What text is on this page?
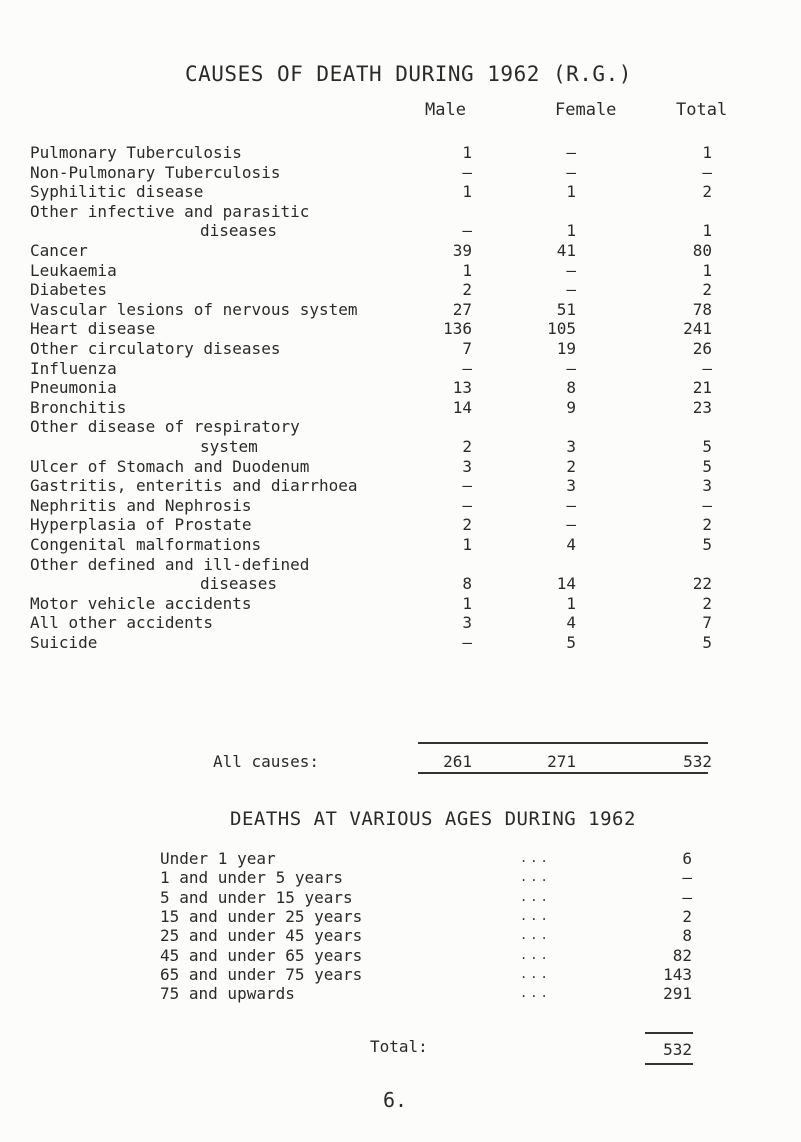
CAUSES OF DEATH DURING 1962 (R.G.)
Male	Female	Total
Pulmonary Tuberculosis	1	–	1
Non-Pulmonary Tuberculosis	–	–	–
Syphilitic disease	1	1	2
Other infective and parasitic
diseases	–	1	1
Cancer	39	41	80
Leukaemia	1	–	1
Diabetes	2	–	2
Vascular lesions of nervous system	27	51	78
Heart disease	136	105	241
Other circulatory diseases	7	19	26
Influenza	–	–	–
Pneumonia	13	8	21
Bronchitis	14	9	23
Other disease of respiratory
system	2	3	5
Ulcer of Stomach and Duodenum	3	2	5
Gastritis, enteritis and diarrhoea	–	3	3
Nephritis and Nephrosis	–	–	–
Hyperplasia of Prostate	2	–	2
Congenital malformations	1	4	5
Other defined and ill-defined
diseases	8	14	22
Motor vehicle accidents	1	1	2
All other accidents	3	4	7
Suicide	–	5	5
All causes:	261	271	532
DEATHS AT VARIOUS AGES DURING 1962
Under 1 year	...	6
1 and under 5 years	...	–
5 and under 15 years	...	–
15 and under 25 years	...	2
25 and under 45 years	...	8
45 and under 65 years	...	82
65 and under 75 years	...	143
75 and upwards	...	291
Total:	532
6.
